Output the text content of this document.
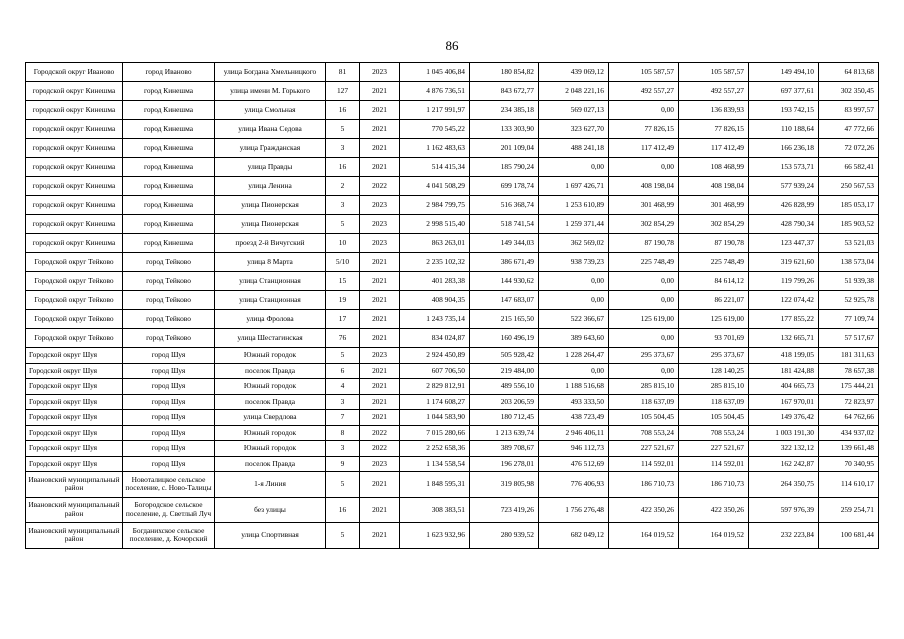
86
Городской округ Иваново	город Иваново	улица Богдана Хмельницкого	81	2023	1 045 406,84	180 854,82	439 069,12	105 587,57	105 587,57	149 494,10	64 813,68
городской округ Кинешма	город Кинешма	улица имени М. Горького	127	2021	4 876 736,51	843 672,77	2 048 221,16	492 557,27	492 557,27	697 377,61	302 350,45
городской округ Кинешма	город Кинешма	улица Смольная	16	2021	1 217 991,97	234 385,18	569 027,13	0,00	136 839,93	193 742,15	83 997,57
городской округ Кинешма	город Кинешма	улица Ивана Седова	5	2021	770 545,22	133 303,90	323 627,70	77 826,15	77 826,15	110 188,64	47 772,66
городской округ Кинешма	город Кинешма	улица Гражданская	3	2021	1 162 483,63	201 109,04	488 241,18	117 412,49	117 412,49	166 236,18	72 072,26
городской округ Кинешма	город Кинешма	улица Правды	16	2021	514 415,34	185 790,24	0,00	0,00	108 468,99	153 573,71	66 582,41
городской округ Кинешма	город Кинешма	улица Ленина	2	2022	4 041 508,29	699 178,74	1 697 426,71	408 198,04	408 198,04	577 939,24	250 567,53
городской округ Кинешма	город Кинешма	улица Пионерская	3	2023	2 984 799,75	516 368,74	1 253 610,89	301 468,99	301 468,99	426 828,99	185 053,17
городской округ Кинешма	город Кинешма	улица Пионерская	5	2023	2 998 515,40	518 741,54	1 259 371,44	302 854,29	302 854,29	428 790,34	185 903,52
городской округ Кинешма	город Кинешма	проезд 2-й Вичугский	10	2023	863 263,01	149 344,03	362 569,02	87 190,78	87 190,78	123 447,37	53 521,03
Городской округ Тейково	город Тейково	улица 8 Марта	5/10	2021	2 235 102,32	386 671,49	938 739,23	225 748,49	225 748,49	319 621,60	138 573,04
Городской округ Тейково	город Тейково	улица Станционная	15	2021	401 283,38	144 930,62	0,00	0,00	84 614,12	119 799,26	51 939,38
Городской округ Тейково	город Тейково	улица Станционная	19	2021	408 904,35	147 683,07	0,00	0,00	86 221,07	122 074,42	52 925,78
Городской округ Тейково	город Тейково	улица Фролова	17	2021	1 243 735,14	215 165,50	522 366,67	125 619,00	125 619,00	177 855,22	77 109,74
Городской округ Тейково	город Тейково	улица Шестагинская	76	2021	834 024,87	160 496,19	389 643,60	0,00	93 701,69	132 665,71	57 517,67
Городской округ Шуя	город Шуя	Южный городок	5	2023	2 924 450,89	505 928,42	1 228 264,47	295 373,67	295 373,67	418 199,05	181 311,63
Городской округ Шуя	город Шуя	поселок Правда	6	2021	607 706,50	219 484,00	0,00	0,00	128 140,25	181 424,88	78 657,38
Городской округ Шуя	город Шуя	Южный городок	4	2021	2 829 812,91	489 556,10	1 188 516,68	285 815,10	285 815,10	404 665,73	175 444,21
Городской округ Шуя	город Шуя	поселок Правда	3	2021	1 174 608,27	203 206,59	493 333,50	118 637,09	118 637,09	167 970,01	72 823,97
Городской округ Шуя	город Шуя	улица Свердлова	7	2021	1 044 583,90	180 712,45	438 723,49	105 504,45	105 504,45	149 376,42	64 762,66
Городской округ Шуя	город Шуя	Южный городок	8	2022	7 015 280,66	1 213 639,74	2 946 406,11	708 553,24	708 553,24	1 003 191,30	434 937,02
Городской округ Шуя	город Шуя	Южный городок	3	2022	2 252 658,36	389 708,67	946 112,73	227 521,67	227 521,67	322 132,12	139 661,48
Городской округ Шуя	город Шуя	поселок Правда	9	2023	1 134 558,54	196 278,01	476 512,69	114 592,01	114 592,01	162 242,87	70 340,95
Ивановский муниципальный район	Новоталицкое сельское поселение, с. Ново-Талицы	1-я Линия	5	2021	1 848 595,31	319 805,98	776 406,93	186 710,73	186 710,73	264 350,75	114 610,17
Ивановский муниципальный район	Богородское сельское поселение, д. Светлый Луч	без улицы	16	2021	308 383,51	723 419,26	1 756 276,48	422 350,26	422 350,26	597 976,39	259 254,71
Ивановский муниципальный район	Богданихское сельское поселение, д. Кочорский	улица Спортивная	5	2021	1 623 932,96	280 939,52	682 049,12	164 019,52	164 019,52	232 223,84	100 681,44
